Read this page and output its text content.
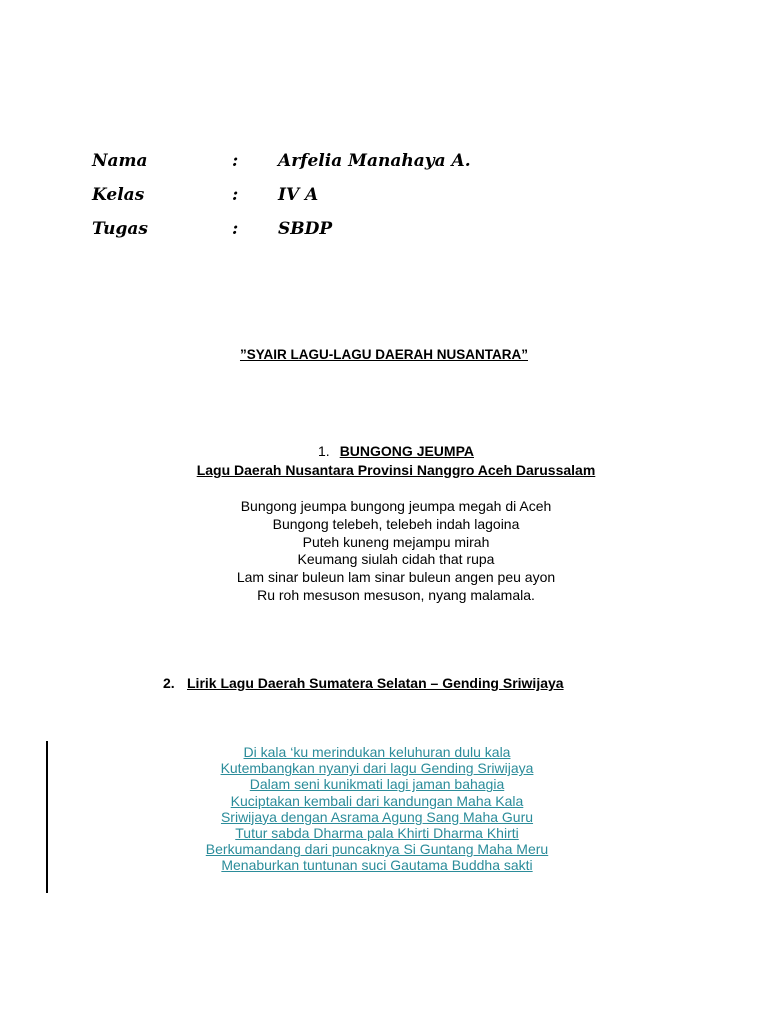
Nama	: Arfelia Manahaya A.
Kelas	: IV A
Tugas	: SBDP
”SYAIR LAGU-LAGU DAERAH NUSANTARA”
1. BUNGONG JEUMPA
Lagu Daerah Nusantara Provinsi Nanggro Aceh Darussalam
Bungong jeumpa bungong jeumpa megah di Aceh
Bungong telebeh, telebeh indah lagoina
Puteh kuneng mejampu mirah
Keumang siulah cidah that rupa
Lam sinar buleun lam sinar buleun angen peu ayon
Ru roh mesuson mesuson, nyang malamala.
2. Lirik Lagu Daerah Sumatera Selatan – Gending Sriwijaya
Di kala ‘ku merindukan keluhuran dulu kala
Kutembangkan nyanyi dari lagu Gending Sriwijaya
Dalam seni kunikmati lagi jaman bahagia
Kuciptakan kembali dari kandungan Maha Kala
Sriwijaya dengan Asrama Agung Sang Maha Guru
Tutur sabda Dharma pala Khirti Dharma Khirti
Berkumandang dari puncaknya Si Guntang Maha Meru
Menaburkan tuntunan suci Gautama Buddha sakti
